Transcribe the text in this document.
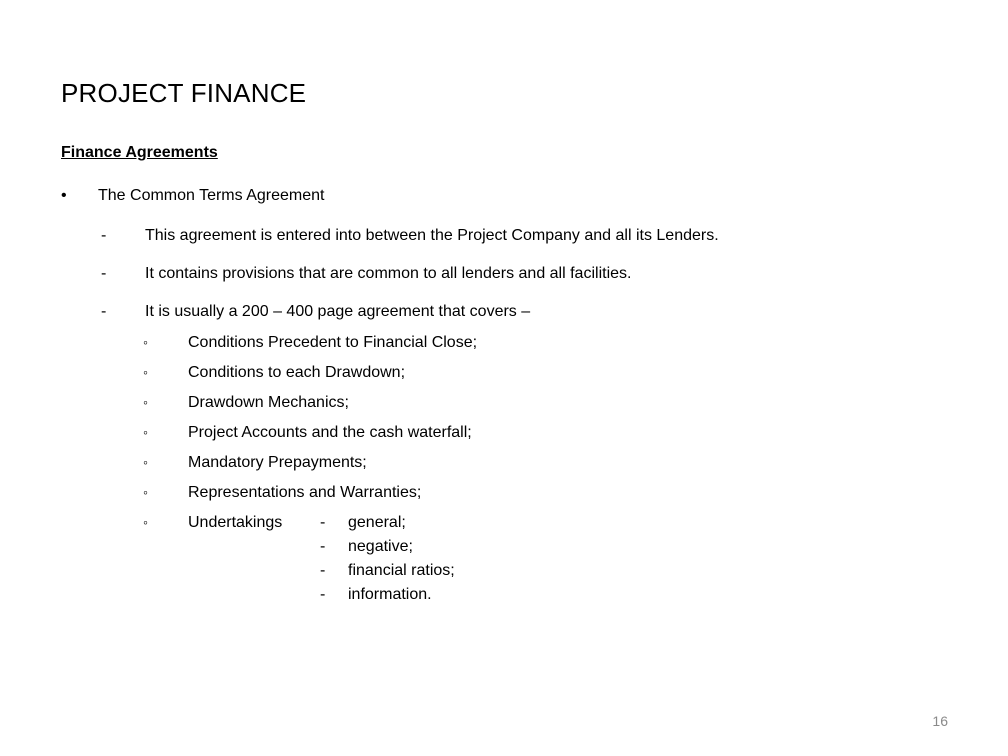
PROJECT FINANCE
Finance Agreements
• The Common Terms Agreement
- This agreement is entered into between the Project Company and all its Lenders.
- It contains provisions that are common to all lenders and all facilities.
- It is usually a 200 – 400 page agreement that covers –
◦	Conditions Precedent to Financial Close;
◦	Conditions to each Drawdown;
◦	Drawdown Mechanics;
◦	Project Accounts and the cash waterfall;
◦	Mandatory Prepayments;
◦	Representations and Warranties;
◦	Undertakings - general;
- negative;
- financial ratios;
- information.
16
